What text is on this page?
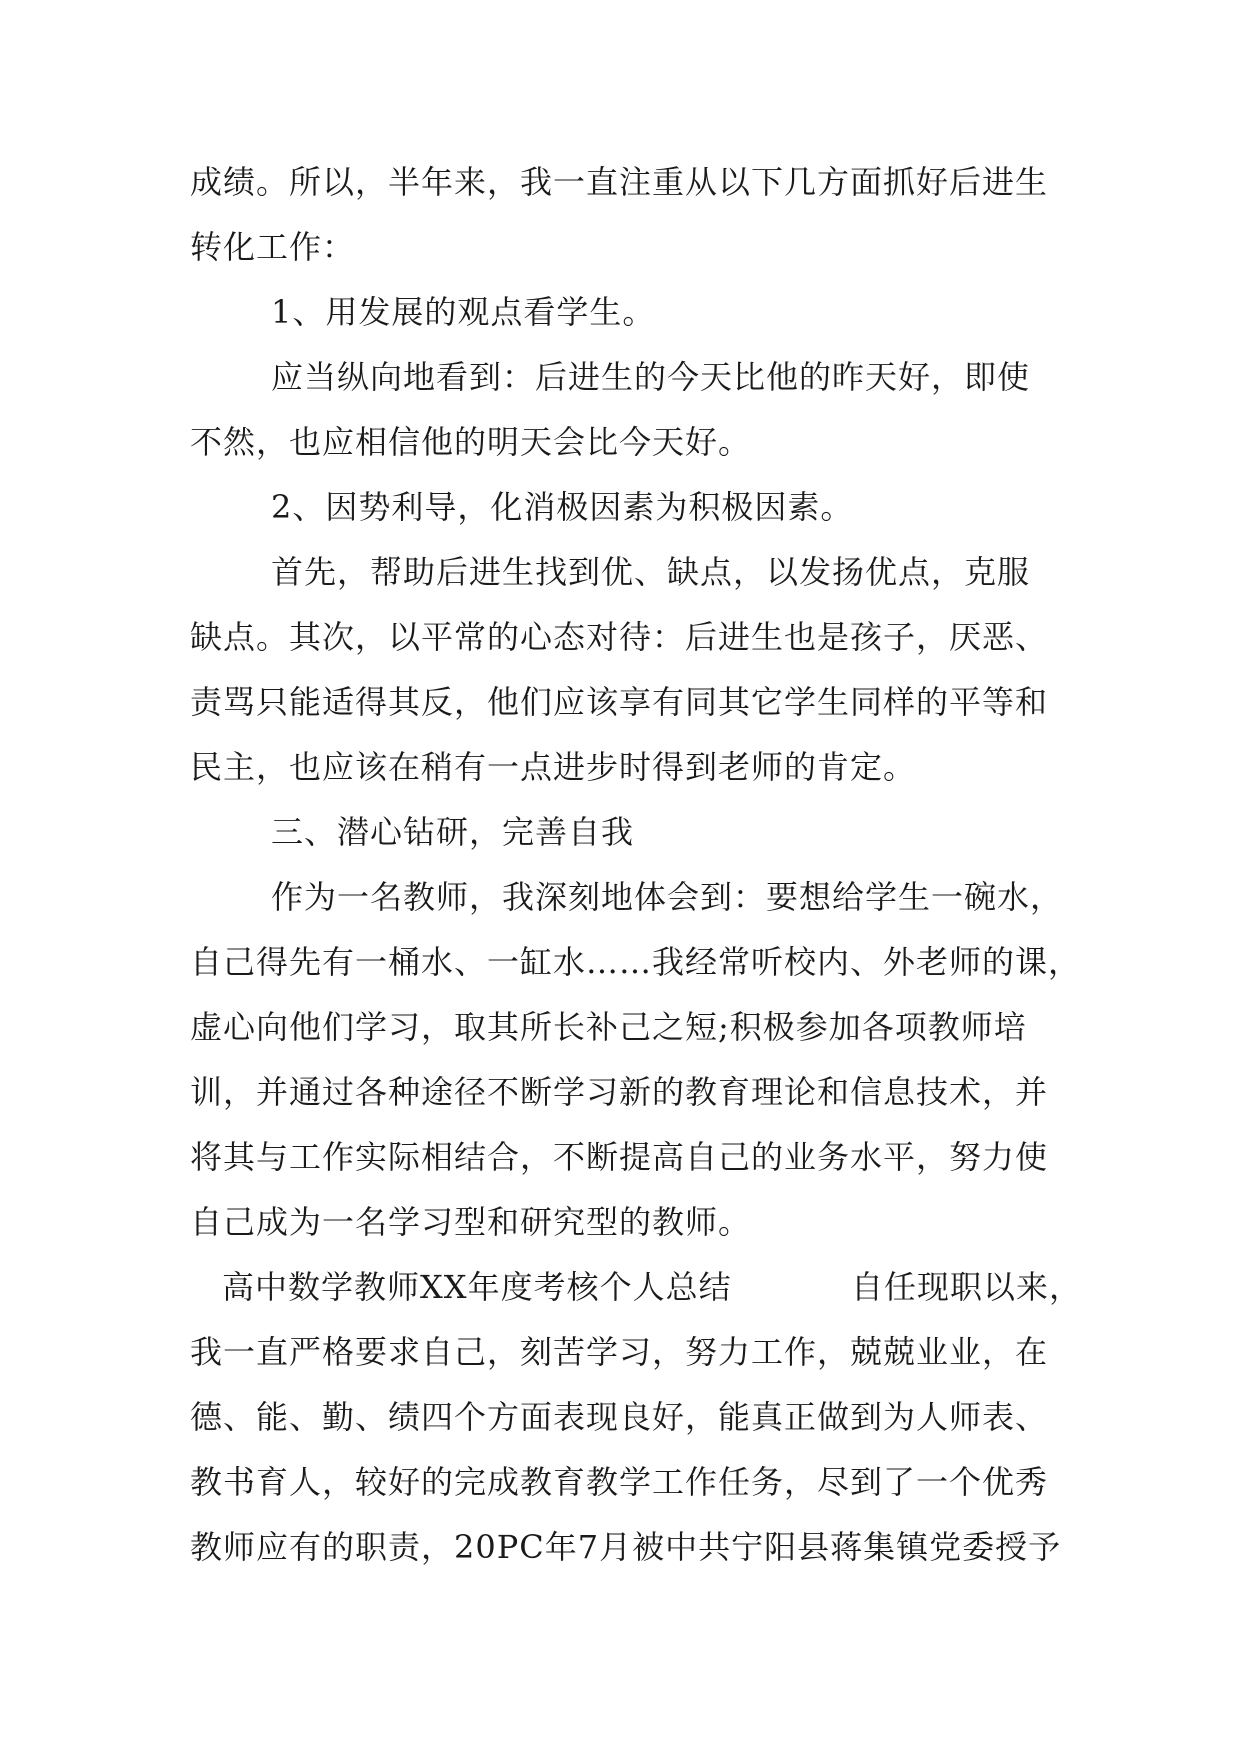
成绩。所以，半年来，我一直注重从以下几方面抓好后进生
转化工作：
1、用发展的观点看学生。
应当纵向地看到：后进生的今天比他的昨天好，即使
不然，也应相信他的明天会比今天好。
2、因势利导，化消极因素为积极因素。
首先，帮助后进生找到优、缺点，以发扬优点，克服
缺点。其次，以平常的心态对待：后进生也是孩子，厌恶、
责骂只能适得其反，他们应该享有同其它学生同样的平等和
民主，也应该在稍有一点进步时得到老师的肯定。
三、潜心钻研，完善自我
作为一名教师，我深刻地体会到：要想给学生一碗水，
自己得先有一桶水、一缸水……我经常听校内、外老师的课，
虚心向他们学习，取其所长补己之短;积极参加各项教师培
训，并通过各种途径不断学习新的教育理论和信息技术，并
将其与工作实际相结合，不断提高自己的业务水平，努力使
自己成为一名学习型和研究型的教师。
高中数学教师XX年度考核个人总结	自任现职以来，
我一直严格要求自己，刻苦学习，努力工作，兢兢业业，在
德、能、勤、绩四个方面表现良好，能真正做到为人师表、
教书育人，较好的完成教育教学工作任务，尽到了一个优秀
教师应有的职责，20PC年7月被中共宁阳县蒋集镇党委授予
